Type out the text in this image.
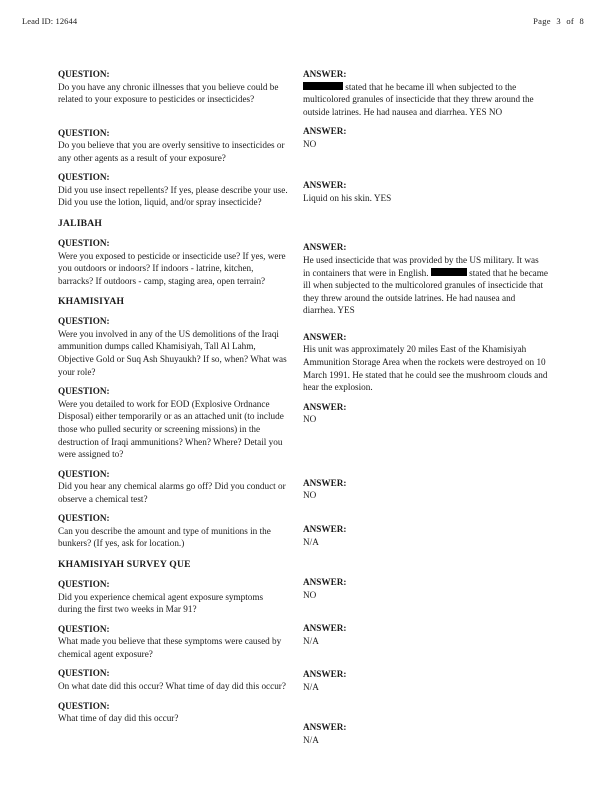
Lead ID: 12644	Page 3 of 8
QUESTION:
Do you have any chronic illnesses that you believe could be related to your exposure to pesticides or insecticides?
QUESTION:
Do you believe that you are overly sensitive to insecticides or any other agents as a result of your exposure?
QUESTION:
Did you use insect repellents? If yes, please describe your use. Did you use the lotion, liquid, and/or spray insecticide?
JALIBAH
QUESTION:
Were you exposed to pesticide or insecticide use? If yes, were you outdoors or indoors? If indoors - latrine, kitchen, barracks? If outdoors - camp, staging area, open terrain?
KHAMISIYAH
QUESTION:
Were you involved in any of the US demolitions of the Iraqi ammunition dumps called Khamisiyah, Tall Al Lahm, Objective Gold or Suq Ash Shuyaukh? If so, when? What was your role?
QUESTION:
Were you detailed to work for EOD (Explosive Ordnance Disposal) either temporarily or as an attached unit (to include those who pulled security or screening missions) in the destruction of Iraqi ammunitions? When? Where? Detail you were assigned to?
QUESTION:
Did you hear any chemical alarms go off? Did you conduct or observe a chemical test?
QUESTION:
Can you describe the amount and type of munitions in the bunkers? (If yes, ask for location.)
KHAMISIYAH SURVEY QUE
QUESTION:
Did you experience chemical agent exposure symptoms during the first two weeks in Mar 91?
QUESTION:
What made you believe that these symptoms were caused by chemical agent exposure?
QUESTION:
On what date did this occur? What time of day did this occur?
QUESTION:
What time of day did this occur?
ANSWER:
stated that he became ill when subjected to the multicolored granules of insecticide that they threw around the outside latrines. He had nausea and diarrhea. YES NO
ANSWER:
NO
ANSWER:
Liquid on his skin. YES
ANSWER:
He used insecticide that was provided by the US military. It was in containers that were in English.	stated that he became ill when subjected to the multicolored granules of insecticide that they threw around the outside latrines. He had nausea and diarrhea. YES
ANSWER:
His unit was approximately 20 miles East of the Khamisiyah Ammunition Storage Area when the rockets were destroyed on 10 March 1991. He stated that he could see the mushroom clouds and hear the explosion.
ANSWER:
NO
ANSWER:
NO
ANSWER:
N/A
ANSWER:
NO
ANSWER:
N/A
ANSWER:
N/A
ANSWER:
N/A
